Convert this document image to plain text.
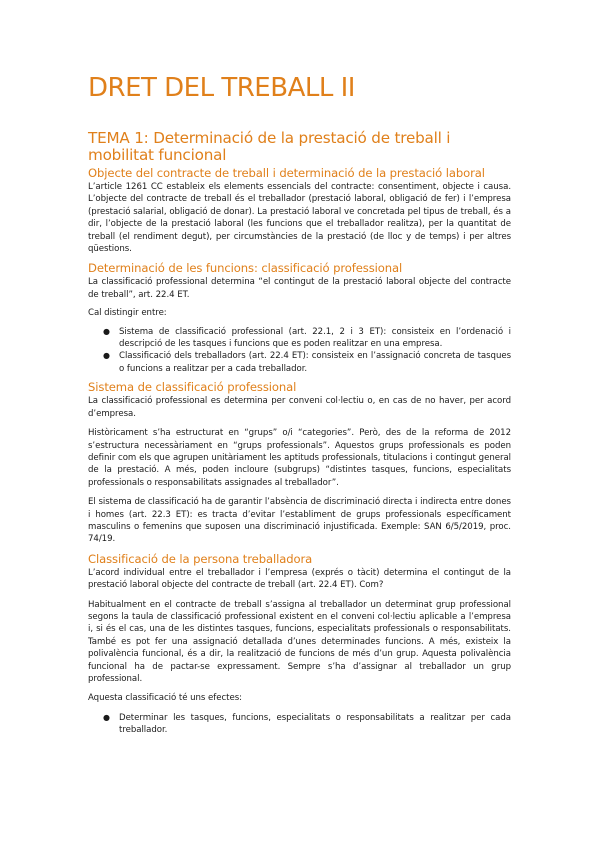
DRET DEL TREBALL II
TEMA 1: Determinació de la prestació de treball i mobilitat funcional
Objecte del contracte de treball i determinació de la prestació laboral

L’article 1261 CC estableix els elements essencials del contracte: consentiment, objecte i causa. L’objecte del contracte de treball és el treballador (prestació laboral, obligació de fer) i l’empresa (prestació salarial, obligació de donar). La prestació laboral ve concretada pel tipus de treball, és a dir, l’objecte de la prestació laboral (les funcions que el treballador realitza), per la quantitat de treball (el rendiment degut), per circumstàncies de la prestació (de lloc y de temps) i per altres qüestions.

Determinació de les funcions: classificació professional

La classificació professional determina “el contingut de la prestació laboral objecte del contracte de treball”, art. 22.4 ET.

Cal distingir entre:

● Sistema de classificació professional (art. 22.1, 2 i 3 ET): consisteix en l’ordenació i descripció de les tasques i funcions que es poden realitzar en una empresa.
● Classificació dels treballadors (art. 22.4 ET): consisteix en l’assignació concreta de tasques o funcions a realitzar per a cada treballador.
Sistema de classificació professional

La classificació professional es determina per conveni col·lectiu o, en cas de no haver, per acord d’empresa.

Històricament s’ha estructurat en “grups” o/i “categories”. Però, des de la reforma de 2012 s’estructura necessàriament en “grups professionals”. Aquestos grups professionals es poden definir com els que agrupen unitàriament les aptituds professionals, titulacions i contingut general de la prestació. A més, poden incloure (subgrups) “distintes tasques, funcions, especialitats professionals o responsabilitats assignades al treballador”.

El sistema de classificació ha de garantir l’absència de discriminació directa i indirecta entre dones i homes (art. 22.3 ET): es tracta d’evitar l’establiment de grups professionals específicament masculins o femenins que suposen una discriminació injustificada. Exemple: SAN 6/5/2019, proc. 74/19.

Classificació de la persona treballadora

L’acord individual entre el treballador i l’empresa (exprés o tàcit) determina el contingut de la prestació laboral objecte del contracte de treball (art. 22.4 ET). Com?

Habitualment en el contracte de treball s’assigna al treballador un determinat grup professional segons la taula de classificació professional existent en el conveni col·lectiu aplicable a l’empresa i, si és el cas, una de les distintes tasques, funcions, especialitats professionals o responsabilitats. També es pot fer una assignació detallada d’unes determinades funcions. A més, existeix la polivalència funcional, és a dir, la realització de funcions de més d’un grup. Aquesta polivalència funcional ha de pactar-se expressament. Sempre s’ha d’assignar al treballador un grup professional.

Aquesta classificació té uns efectes:

● Determinar les tasques, funcions, especialitats o responsabilitats a realitzar per cada treballador.
